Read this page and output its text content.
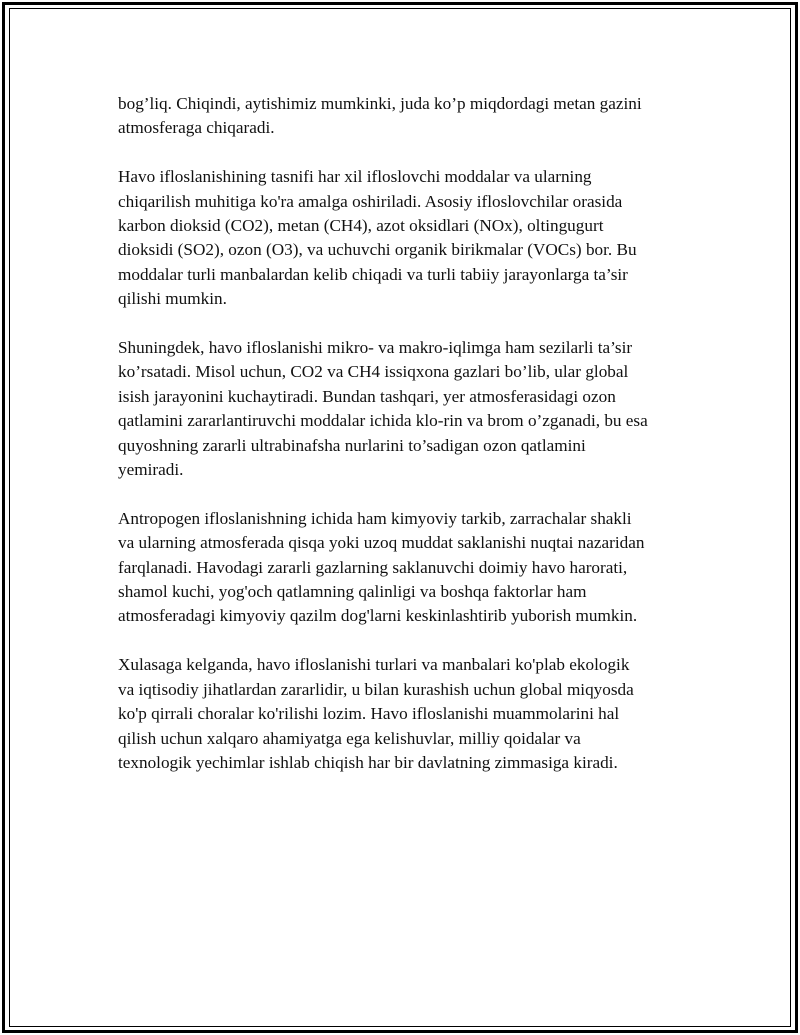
bog’liq. Chiqindi, aytishimiz mumkinki, juda ko’p miqdordagi metan gazini
atmosferaga chiqaradi.

Havo ifloslanishining tasnifi har xil ifloslovchi moddalar va ularning
chiqarilish muhitiga ko'ra amalga oshiriladi. Asosiy ifloslovchilar orasida
karbon dioksid (CO2), metan (CH4), azot oksidlari (NOx), oltingugurt
dioksidi (SO2), ozon (O3), va uchuvchi organik birikmalar (VOCs) bor. Bu
moddalar turli manbalardan kelib chiqadi va turli tabiiy jarayonlarga ta’sir
qilishi mumkin.

Shuningdek, havo ifloslanishi mikro- va makro-iqlimga ham sezilarli ta’sir
ko’rsatadi. Misol uchun, CO2 va CH4 issiqxona gazlari bo’lib, ular global
isish jarayonini kuchaytiradi. Bundan tashqari, yer atmosferasidagi ozon
qatlamini zararlantiruvchi moddalar ichida klo-rin va brom o’zganadi, bu esa
quyoshning zararli ultrabinafsha nurlarini to’sadigan ozon qatlamini
yemiradi.

Antropogen ifloslanishning ichida ham kimyoviy tarkib, zarrachalar shakli
va ularning atmosferada qisqa yoki uzoq muddat saklanishi nuqtai nazaridan
farqlanadi. Havodagi zararli gazlarning saklanuvchi doimiy havo harorati,
shamol kuchi, yog'och qatlamning qalinligi va boshqa faktorlar ham
atmosferadagi kimyoviy qazilm dog'larni keskinlashtirib yuborish mumkin.

Xulasaga kelganda, havo ifloslanishi turlari va manbalari ko'plab ekologik
va iqtisodiy jihatlardan zararlidir, u bilan kurashish uchun global miqyosda
ko'p qirrali choralar ko'rilishi lozim. Havo ifloslanishi muammolarini hal
qilish uchun xalqaro ahamiyatga ega kelishuvlar, milliy qoidalar va
texnologik yechimlar ishlab chiqish har bir davlatning zimmasiga kiradi.
